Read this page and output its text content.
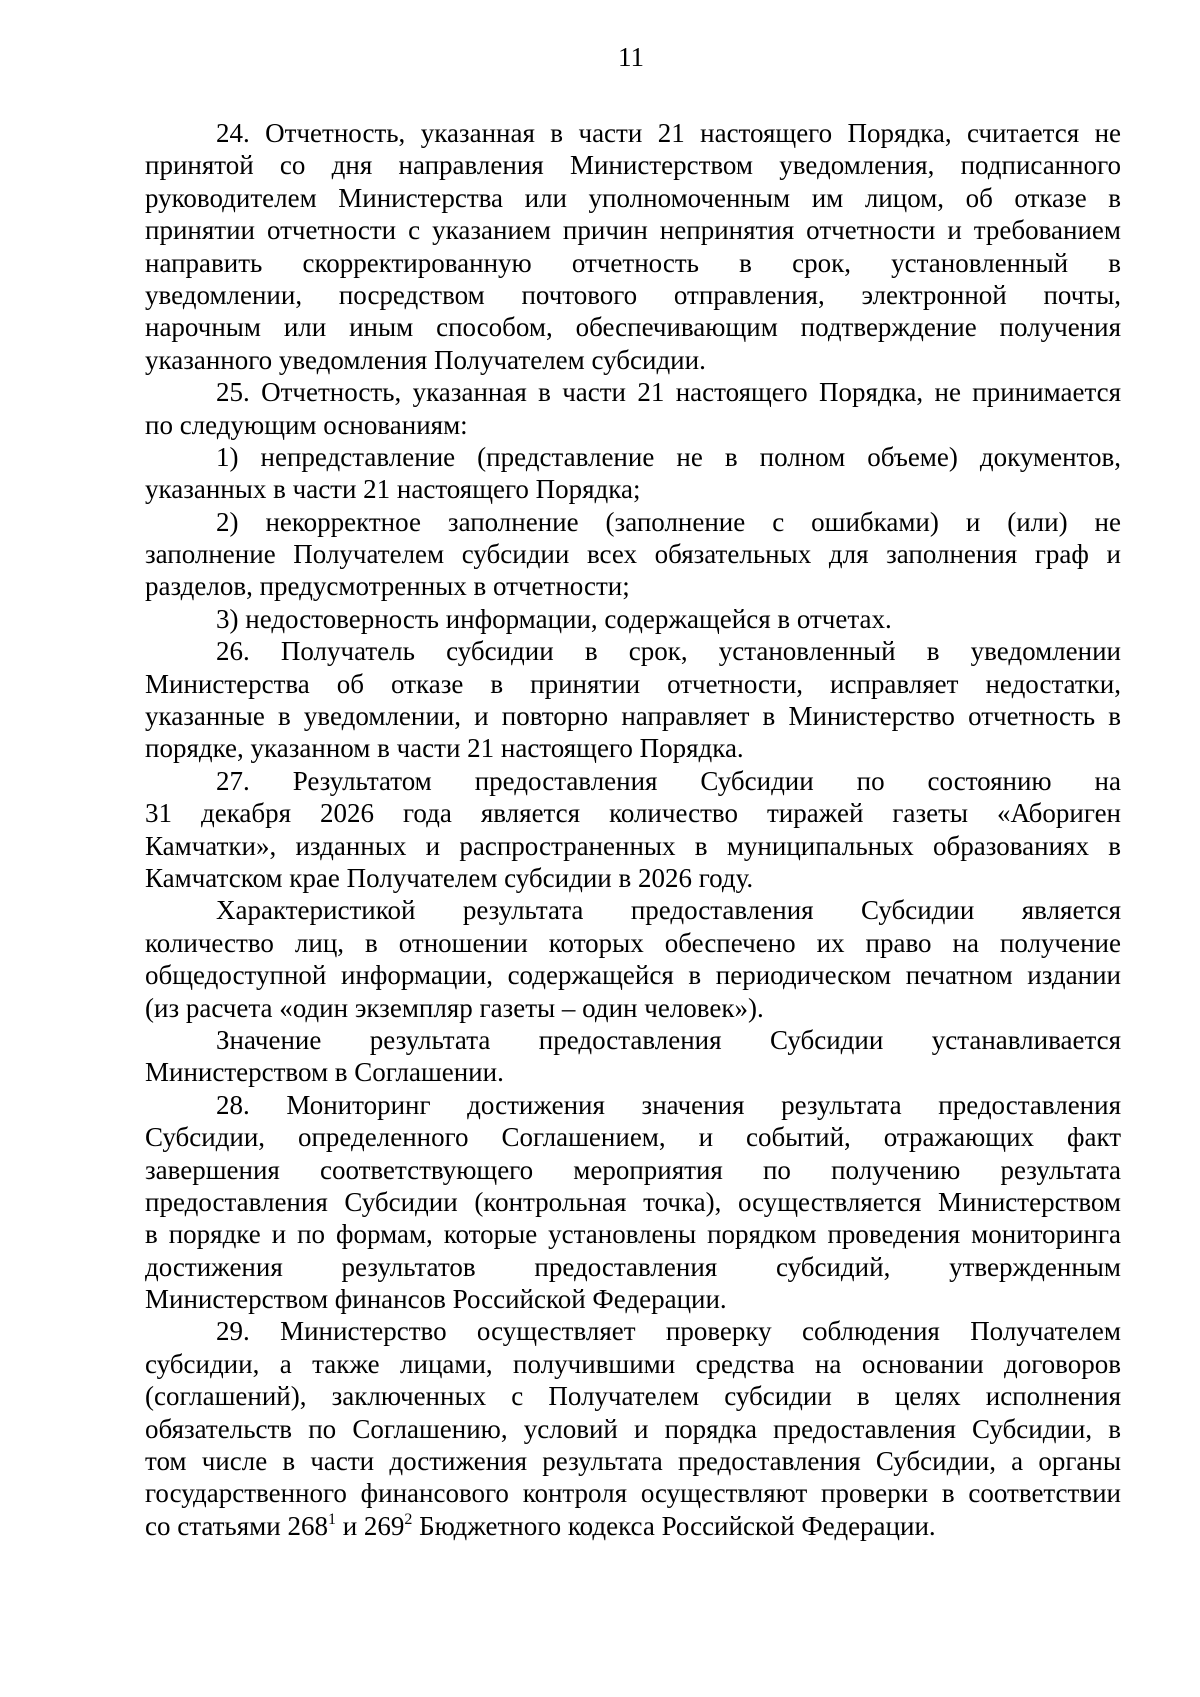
11
24. Отчетность, указанная в части 21 настоящего Порядка, считается не
принятой со дня направления Министерством уведомления, подписанного
руководителем Министерства или уполномоченным им лицом, об отказе в
принятии отчетности с указанием причин непринятия отчетности и требованием
направить скорректированную отчетность в срок, установленный в
уведомлении, посредством почтового отправления, электронной почты,
нарочным или иным способом, обеспечивающим подтверждение получения
указанного уведомления Получателем субсидии.
25. Отчетность, указанная в части 21 настоящего Порядка, не принимается
по следующим основаниям:
1) непредставление (представление не в полном объеме) документов,
указанных в части 21 настоящего Порядка;
2) некорректное заполнение (заполнение с ошибками) и (или) не
заполнение Получателем субсидии всех обязательных для заполнения граф и
разделов, предусмотренных в отчетности;
3) недостоверность информации, содержащейся в отчетах.
26. Получатель субсидии в срок, установленный в уведомлении
Министерства об отказе в принятии отчетности, исправляет недостатки,
указанные в уведомлении, и повторно направляет в Министерство отчетность в
порядке, указанном в части 21 настоящего Порядка.
27. Результатом предоставления Субсидии по состоянию на
31 декабря 2026 года является количество тиражей газеты «Абориген
Камчатки», изданных и распространенных в муниципальных образованиях в
Камчатском крае Получателем субсидии в 2026 году.
Характеристикой результата предоставления Субсидии является
количество лиц, в отношении которых обеспечено их право на получение
общедоступной информации, содержащейся в периодическом печатном издании
(из расчета «один экземпляр газеты – один человек»).
Значение результата предоставления Субсидии устанавливается
Министерством в Соглашении.
28. Мониторинг достижения значения результата предоставления
Субсидии, определенного Соглашением, и событий, отражающих факт
завершения соответствующего мероприятия по получению результата
предоставления Субсидии (контрольная точка), осуществляется Министерством
в порядке и по формам, которые установлены порядком проведения мониторинга
достижения результатов предоставления субсидий, утвержденным
Министерством финансов Российской Федерации.
29. Министерство осуществляет проверку соблюдения Получателем
субсидии, а также лицами, получившими средства на основании договоров
(соглашений), заключенных с Получателем субсидии в целях исполнения
обязательств по Соглашению, условий и порядка предоставления Субсидии, в
том числе в части достижения результата предоставления Субсидии, а органы
государственного финансового контроля осуществляют проверки в соответствии
со статьями $268^1$ и $269^2$ Бюджетного кодекса Российской Федерации.
